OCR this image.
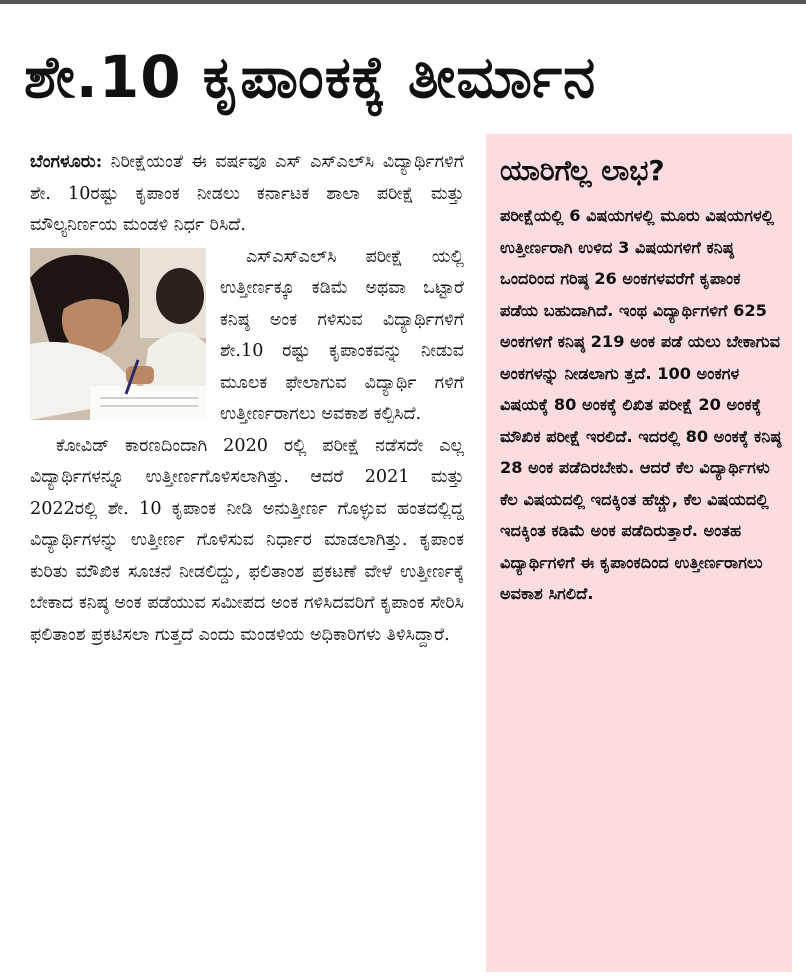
ಶೇ.10 ಕೃಪಾಂಕಕ್ಕೆ ತೀರ್ಮಾನ

ಬೆಂಗಳೂರು: ನಿರೀಕ್ಷೆಯಂತೆ ಈ ವರ್ಷವೂ ಎಸ್ ಎಸ್‌ಎಲ್‌ಸಿ ವಿದ್ಯಾರ್ಥಿಗಳಿಗೆ ಶೇ. 10ರಷ್ಟು ಕೃಪಾಂಕ ನೀಡಲು ಕರ್ನಾಟಕ ಶಾಲಾ ಪರೀಕ್ಷೆ ಮತ್ತು ಮೌಲ್ಯನಿರ್ಣಯ ಮಂಡಳಿ ನಿರ್ಧ ರಿಸಿದೆ.

ಎಸ್‌ಎಸ್‌ಎಲ್‌ಸಿ ಪರೀಕ್ಷೆ ಯಲ್ಲಿ ಉತ್ತೀರ್ಣಕ್ಕೂ ಕಡಿಮೆ ಅಥವಾ ಒಟ್ಟಾರೆ ಕನಿಷ್ಠ ಅಂಕ ಗಳಿಸುವ ವಿದ್ಯಾರ್ಥಿಗಳಿಗೆ ಶೇ.10 ರಷ್ಟು ಕೃಪಾಂಕವನ್ನು ನೀಡುವ ಮೂಲಕ ಫೇಲಾಗುವ ವಿದ್ಯಾರ್ಥಿ ಗಳಿಗೆ ಉತ್ತೀರ್ಣರಾಗಲು ಅವಕಾಶ ಕಲ್ಪಿಸಿದೆ.

ಕೋವಿಡ್ ಕಾರಣದಿಂದಾಗಿ 2020 ರಲ್ಲಿ ಪರೀಕ್ಷೆ ನಡೆಸದೇ ಎಲ್ಲ ವಿದ್ಯಾರ್ಥಿಗಳನ್ನೂ ಉತ್ತೀರ್ಣಗೊಳಿಸಲಾಗಿತ್ತು. ಆದರೆ 2021 ಮತ್ತು 2022ರಲ್ಲಿ ಶೇ. 10 ಕೃಪಾಂಕ ನೀಡಿ ಅನುತ್ತೀರ್ಣ ಗೊಳ್ಳುವ ಹಂತದಲ್ಲಿದ್ದ ವಿದ್ಯಾರ್ಥಿಗಳನ್ನು ಉತ್ತೀರ್ಣ ಗೊಳಿಸುವ ನಿರ್ಧಾರ ಮಾಡಲಾಗಿತ್ತು. ಕೃಪಾಂಕ ಕುರಿತು ಮೌಖಿಕ ಸೂಚನೆ ನೀಡಲಿದ್ದು, ಫಲಿತಾಂಶ ಪ್ರಕಟಣೆ ವೇಳೆ ಉತ್ತೀರ್ಣಕ್ಕೆ ಬೇಕಾದ ಕನಿಷ್ಠ ಅಂಕ ಪಡೆಯುವ ಸಮೀಪದ ಅಂಕ ಗಳಿಸಿದವರಿಗೆ ಕೃಪಾಂಕ ಸೇರಿಸಿ ಫಲಿತಾಂಶ ಪ್ರಕಟಿಸಲಾ ಗುತ್ತದೆ ಎಂದು ಮಂಡಳಿಯ ಅಧಿಕಾರಿಗಳು ತಿಳಿಸಿದ್ದಾರೆ.

ಯಾರಿಗೆಲ್ಲ ಲಾಭ?

ಪರೀಕ್ಷೆಯಲ್ಲಿ 6 ವಿಷಯಗಳಲ್ಲಿ ಮೂರು ವಿಷಯಗಳಲ್ಲಿ ಉತ್ತೀರ್ಣರಾಗಿ ಉಳಿದ 3 ವಿಷಯಗಳಿಗೆ ಕನಿಷ್ಠ ಒಂದರಿಂದ ಗರಿಷ್ಠ 26 ಅಂಕಗಳವರೆಗೆ ಕೃಪಾಂಕ ಪಡೆಯ ಬಹುದಾಗಿದೆ. ಇಂಥ ವಿದ್ಯಾರ್ಥಿಗಳಿಗೆ 625 ಅಂಕಗಳಿಗೆ ಕನಿಷ್ಠ 219 ಅಂಕ ಪಡೆ ಯಲು ಬೇಕಾಗುವ ಅಂಕಗಳನ್ನು ನೀಡಲಾಗು ತ್ತದೆ. 100 ಅಂಕಗಳ ವಿಷಯಕ್ಕೆ 80 ಅಂಕಕ್ಕೆ ಲಿಖಿತ ಪರೀಕ್ಷೆ 20 ಅಂಕಕ್ಕೆ ಮೌಖಿಕ ಪರೀಕ್ಷೆ ಇರಲಿದೆ. ಇದರಲ್ಲಿ 80 ಅಂಕಕ್ಕೆ ಕನಿಷ್ಠ 28 ಅಂಕ ಪಡೆದಿರಬೇಕು. ಆದರೆ ಕೆಲ ವಿದ್ಯಾರ್ಥಿಗಳು ಕೆಲ ವಿಷಯದಲ್ಲಿ ಇದಕ್ಕಿಂತ ಹೆಚ್ಚು, ಕೆಲ ವಿಷಯದಲ್ಲಿ ಇದಕ್ಕಿಂತ ಕಡಿಮೆ ಅಂಕ ಪಡೆದಿರುತ್ತಾರೆ. ಅಂತಹ ವಿದ್ಯಾರ್ಥಿಗಳಿಗೆ ಈ ಕೃಪಾಂಕದಿಂದ ಉತ್ತೀರ್ಣರಾಗಲು ಅವಕಾಶ ಸಿಗಲಿದೆ.
